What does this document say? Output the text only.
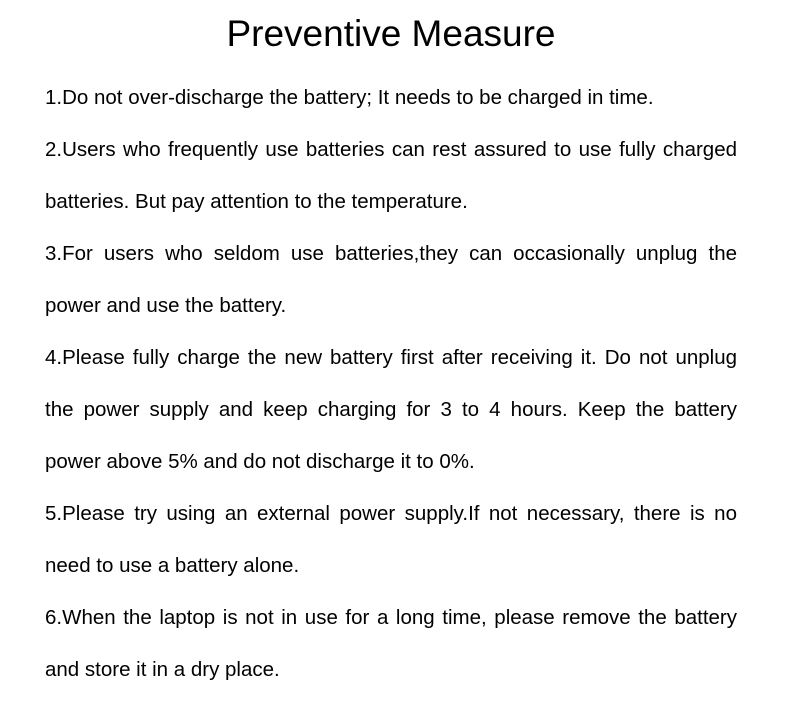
Preventive Measure
1.Do not over-discharge the battery; It needs to be charged in time.
2.Users who frequently use batteries can rest assured to use fully charged batteries. But pay attention to the temperature.
3.For users who seldom use batteries,they can occasionally unplug the power and use the battery.
4.Please fully charge the new battery first after receiving it. Do not unplug the power supply and keep charging for 3 to 4 hours. Keep the battery power above 5% and do not discharge it to 0%.
5.Please try using an external power supply.If not necessary, there is no need to use a battery alone.
6.When the laptop is not in use for a long time, please remove the battery and store it in a dry place.
